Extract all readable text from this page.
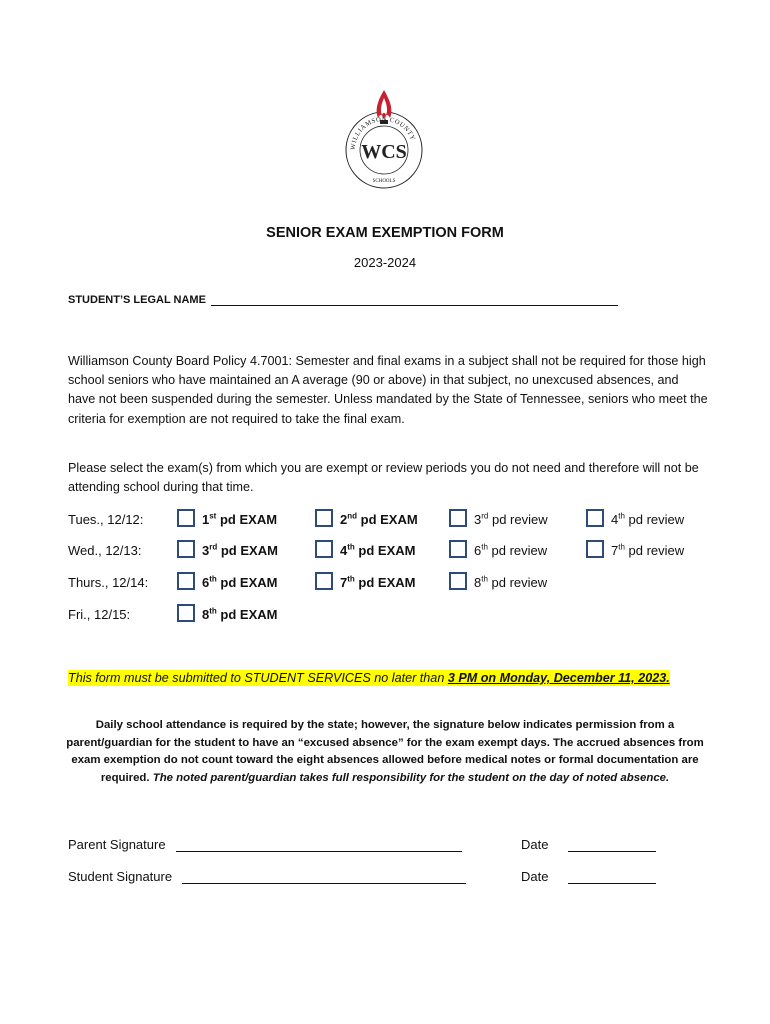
WILLIAMSON COUNTY
WCS
SCHOOLS
SENIOR EXAM EXEMPTION FORM
2023-2024
STUDENT’S LEGAL NAME
Williamson County Board Policy 4.7001: Semester and final exams in a subject shall not be required for those high school seniors who have maintained an A average (90 or above) in that subject, no unexcused absences, and have not been suspended during the semester. Unless mandated by the State of Tennessee, seniors who meet the criteria for exemption are not required to take the final exam.
Please select the exam(s) from which you are exempt or review periods you do not need and therefore will not be attending school during that time.
Tues., 12/12:	1st pd EXAM	2nd pd EXAM	3rd pd review	4th pd review
Wed., 12/13:	3rd pd EXAM	4th pd EXAM	6th pd review	7th pd review
Thurs., 12/14:	6th pd EXAM	7th pd EXAM	8th pd review
Fri., 12/15:	8th pd EXAM
This form must be submitted to STUDENT SERVICES no later than 3 PM on Monday, December 11, 2023.
Daily school attendance is required by the state; however, the signature below indicates permission from a parent/guardian for the student to have an “excused absence” for the exam exempt days. The accrued absences from exam exemption do not count toward the eight absences allowed before medical notes or formal documentation are required. The noted parent/guardian takes full responsibility for the student on the day of noted absence.
Parent Signature	Date
Student Signature	Date
